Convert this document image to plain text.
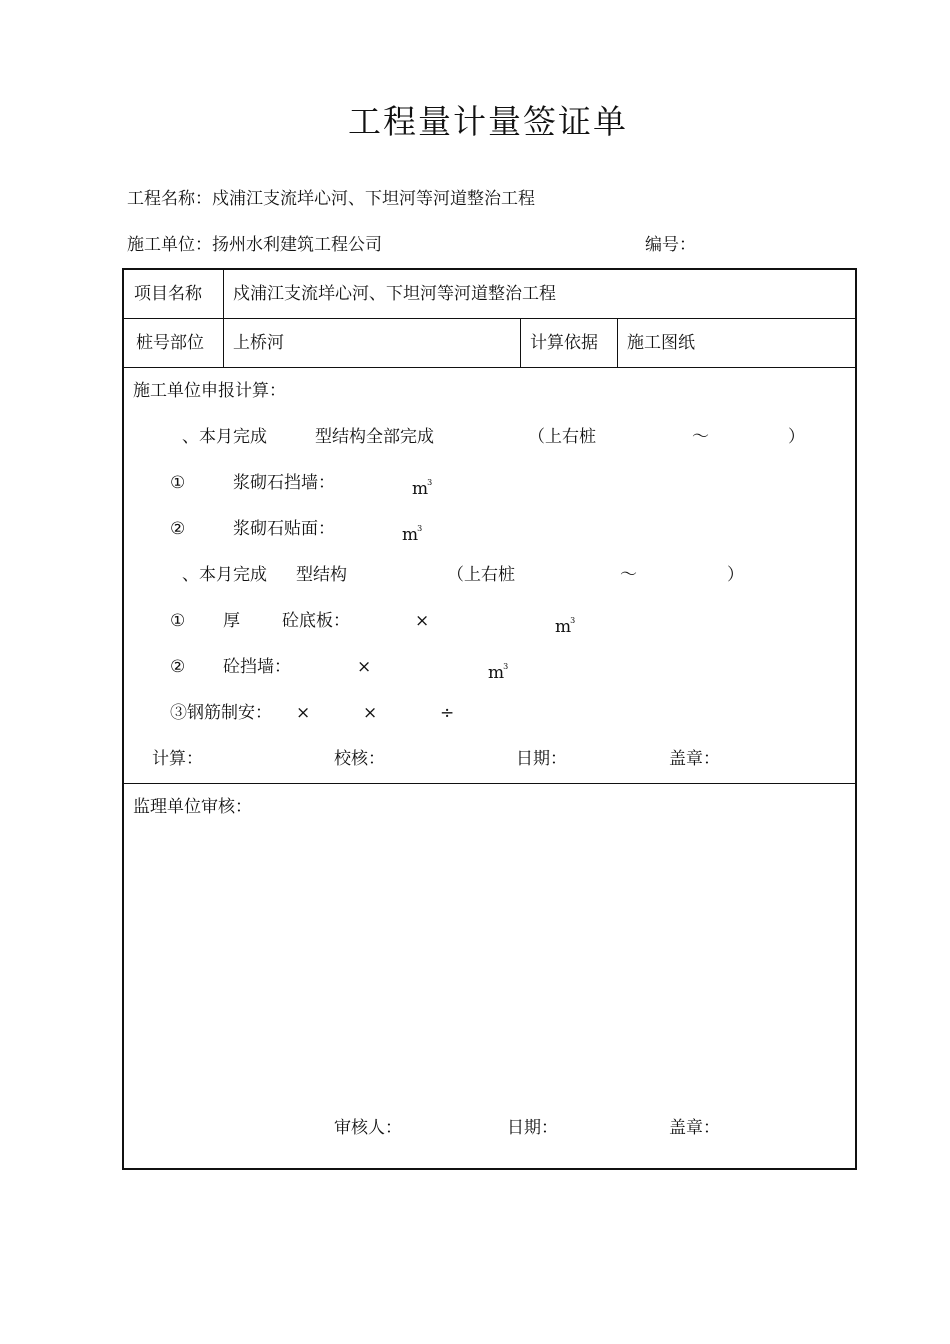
工程量计量签证单
工程名称：戍浦江支流垟心河、下坦河等河道整治工程
施工单位：扬州水利建筑工程公司	编号：
项目名称 戍浦江支流垟心河、下坦河等河道整治工程
桩号部位 上桥河	计算依据 施工图纸
施工单位申报计算：
、本月完成	型结构全部完成	（上右桩	～	）
①	浆砌石挡墙：	$m^3$
②	浆砌石贴面：	$m^3$
、本月完成 型结构	（上右桩	～	）
① 厚 砼底板：	×	$m^3$
② 砼挡墙：	×	$m^3$
③钢筋制安： ×	×	÷
计算：	校核：	日期：	盖章：
监理单位审核：
审核人：	日期：	盖章：
